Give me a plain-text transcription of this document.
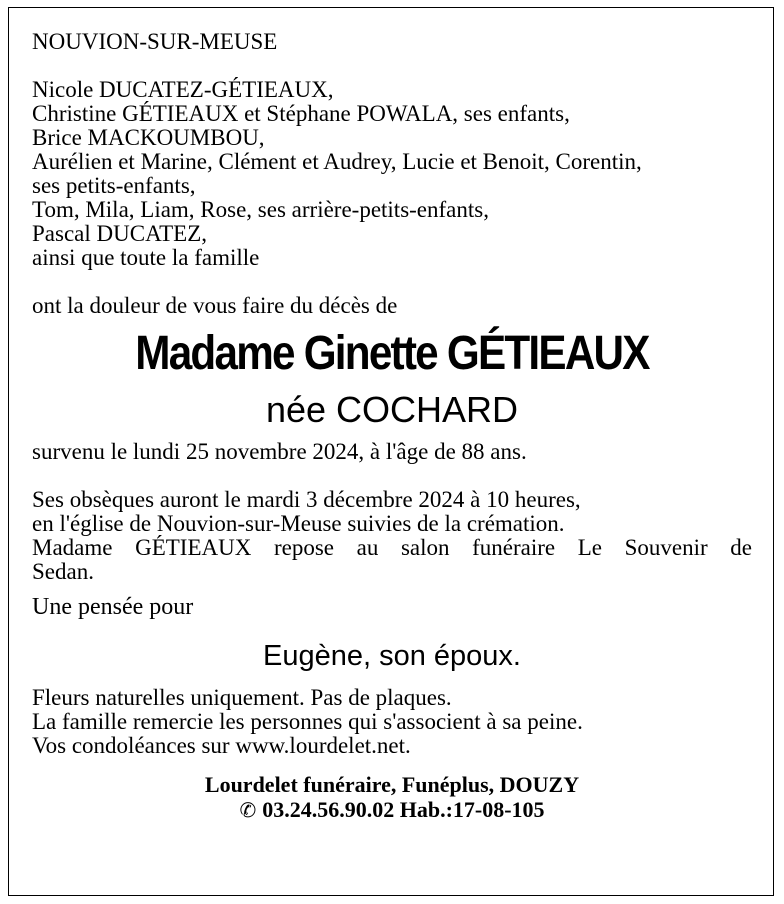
NOUVION-SUR-MEUSE
Nicole DUCATEZ-GÉTIEAUX,
Christine GÉTIEAUX et Stéphane POWALA, ses enfants,
Brice MACKOUMBOU,
Aurélien et Marine, Clément et Audrey, Lucie et Benoit, Corentin,
ses petits-enfants,
Tom, Mila, Liam, Rose, ses arrière-petits-enfants,
Pascal DUCATEZ,
ainsi que toute la famille
ont la douleur de vous faire du décès de
Madame Ginette GÉTIEAUX
née COCHARD
survenu le lundi 25 novembre 2024, à l'âge de 88 ans.
Ses obsèques auront le mardi 3 décembre 2024 à 10 heures,
en l'église de Nouvion-sur-Meuse suivies de la crémation.
Madame GÉTIEAUX repose au salon funéraire Le Souvenir de
Sedan.
Une pensée pour
Eugène, son époux.
Fleurs naturelles uniquement. Pas de plaques.
La famille remercie les personnes qui s'associent à sa peine.
Vos condoléances sur www.lourdelet.net.
Lourdelet funéraire, Funéplus, DOUZY
✆ 03.24.56.90.02 Hab.:17-08-105
